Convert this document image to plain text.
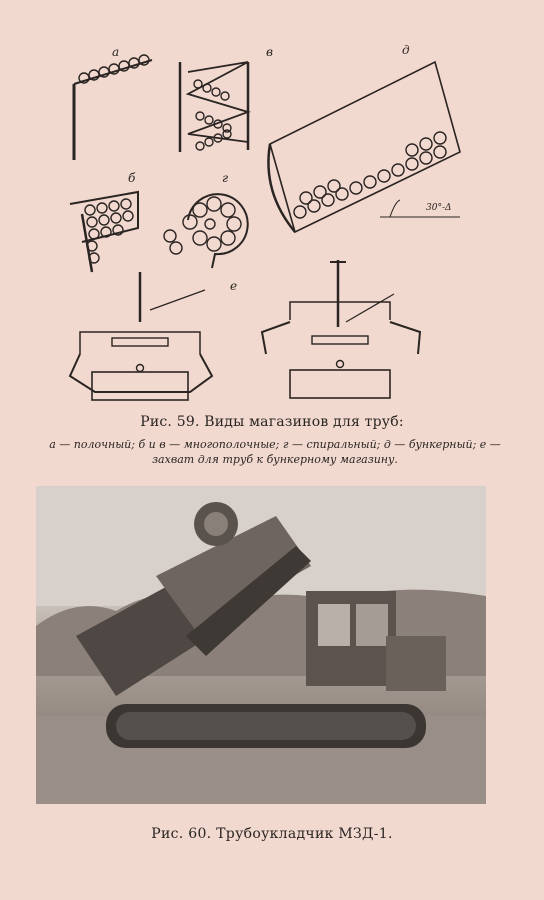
а	в	д
б	г
е
30°-Δ
Рис. 59. Виды магазинов для труб:
а — полочный; б и в — многополочные; г — спиральный; д — бункерный; е — захват для труб к бункерному магазину.
Рис. 60. Трубоукладчик МЗД-1.
